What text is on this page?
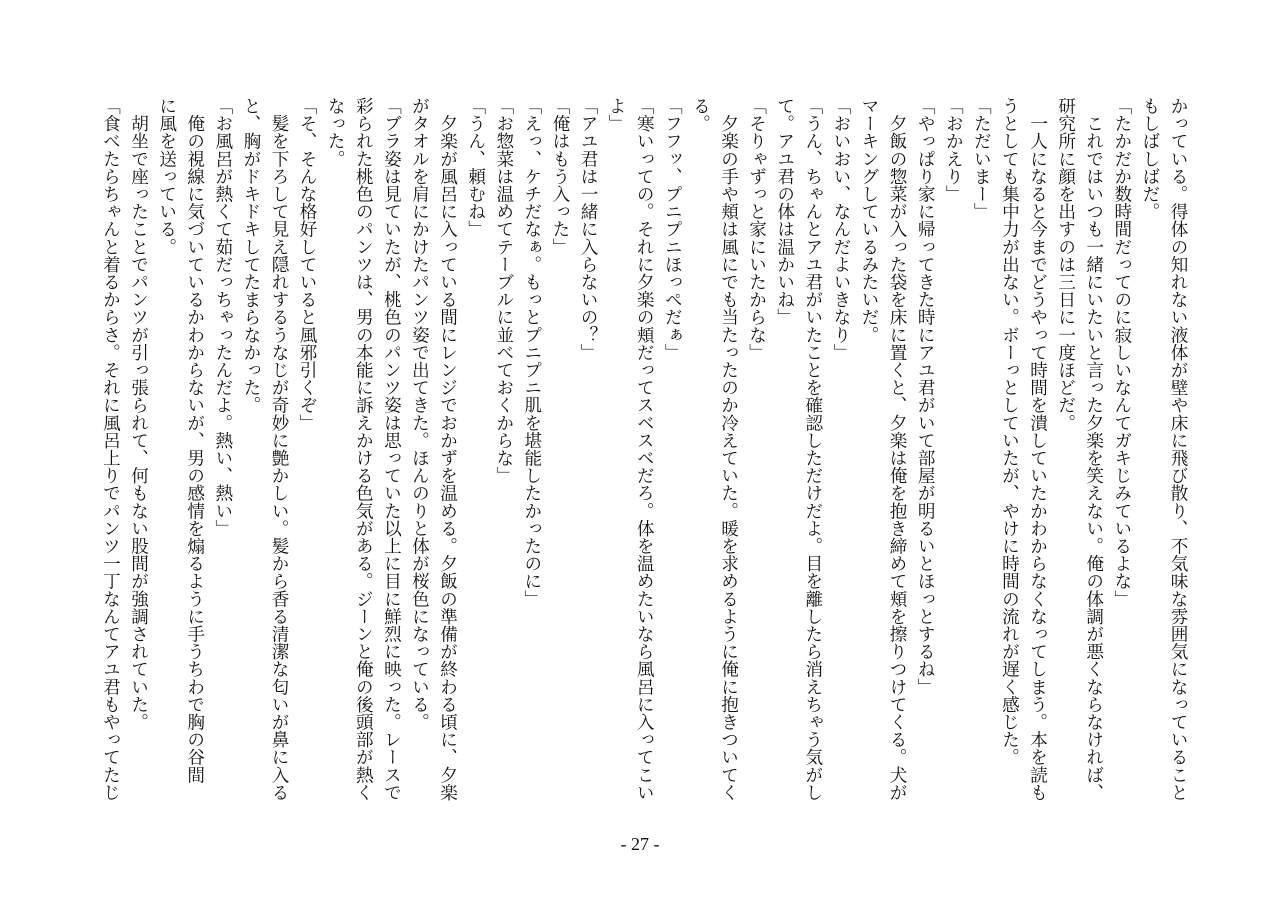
かっている。得体の知れない液体が壁や床に飛び散り、不気味な雰囲気になっていること
もしばしばだ。
「たかだか数時間だってのに寂しいなんてガキじみているよな」
　これではいつも一緒にいたいと言った夕楽を笑えない。俺の体調が悪くならなければ、
研究所に顔を出すのは三日に一度ほどだ。
　一人になると今までどうやって時間を潰していたかわからなくなってしまう。本を読も
うとしても集中力が出ない。ボーっとしていたが、やけに時間の流れが遅く感じた。
「ただいまー」
「おかえり」
「やっぱり家に帰ってきた時にアユ君がいて部屋が明るいとほっとするね」
　夕飯の惣菜が入った袋を床に置くと、夕楽は俺を抱き締めて頬を擦りつけてくる。犬が
マーキングしているみたいだ。
「おいおい、なんだよいきなり」
「うん、ちゃんとアユ君がいたことを確認しただけだよ。目を離したら消えちゃう気がし
て。アユ君の体は温かいね」
「そりゃずっと家にいたからな」
　夕楽の手や頬は風にでも当たったのか冷えていた。暖を求めるように俺に抱きついてく
る。
「フフッ、プニプニほっぺだぁ」
「寒いっての。それに夕楽の頬だってスベスベだろ。体を温めたいなら風呂に入ってこい
よ」
「アユ君は一緒に入らないの？」
「俺はもう入った」
「えっ、ケチだなぁ。もっとプニプニ肌を堪能したかったのに」
「お惣菜は温めてテーブルに並べておくからな」
「うん、頼むね」
　夕楽が風呂に入っている間にレンジでおかずを温める。夕飯の準備が終わる頃に、夕楽
がタオルを肩にかけたパンツ姿で出てきた。ほんのりと体が桜色になっている。
「ブラ姿は見ていたが、桃色のパンツ姿は思っていた以上に目に鮮烈に映った。レースで
彩られた桃色のパンツは、男の本能に訴えかける色気がある。ジーンと俺の後頭部が熱く
なった。
「そ、そんな格好していると風邪引くぞ」
　髪を下ろして見え隠れするうなじが奇妙に艶かしい。髪から香る清潔な匂いが鼻に入る
と、胸がドキドキしてたまらなかった。
「お風呂が熱くて茹だっちゃったんだよ。熱い、熱い」
　俺の視線に気づいているかわからないが、男の感情を煽るように手うちわで胸の谷間
に風を送っている。
　胡坐で座ったことでパンツが引っ張られて、何もない股間が強調されていた。
「食べたらちゃんと着るからさ。それに風呂上りでパンツ一丁なんてアユ君もやってたじ
- 27 -
